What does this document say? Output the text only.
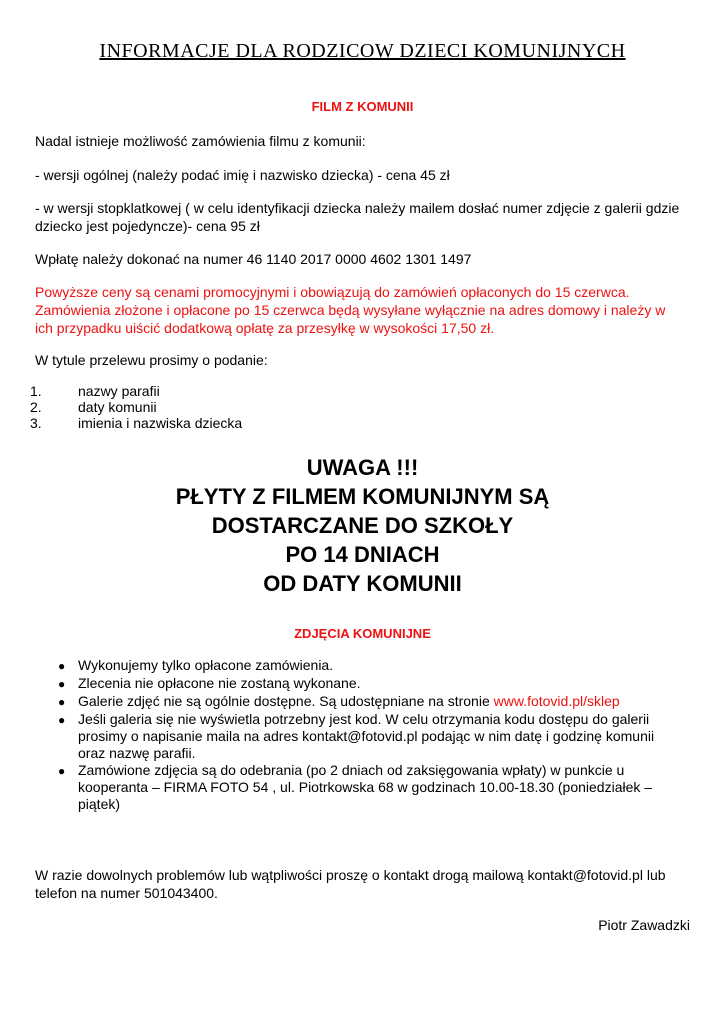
INFORMACJE DLA RODZICOW DZIECI KOMUNIJNYCH
FILM Z KOMUNII
Nadal istnieje możliwość zamówienia filmu z komunii:
- wersji ogólnej (należy podać imię i nazwisko dziecka) - cena 45 zł
- w wersji stopklatkowej ( w celu identyfikacji dziecka należy mailem dosłać numer zdjęcie z galerii gdzie dziecko jest pojedyncze)- cena 95 zł
Wpłatę należy dokonać na numer 46 1140 2017 0000 4602 1301 1497
Powyższe ceny są cenami promocyjnymi i obowiązują do zamówień opłaconych do 15 czerwca. Zamówienia złożone i opłacone po 15 czerwca będą wysyłane wyłącznie na adres domowy i należy w ich przypadku uiścić dodatkową opłatę za przesyłkę w wysokości 17,50 zł.
W tytule przelewu prosimy o podanie:
1.	nazwy parafii
2.	daty komunii
3.	imienia i nazwiska dziecka
UWAGA !!!
PŁYTY Z FILMEM KOMUNIJNYM SĄ
DOSTARCZANE DO SZKOŁY
PO 14 DNIACH
OD DATY KOMUNII
ZDJĘCIA KOMUNIJNE
● Wykonujemy tylko opłacone zamówienia.
● Zlecenia nie opłacone nie zostaną wykonane.
● Galerie zdjęć nie są ogólnie dostępne. Są udostępniane na stronie www.fotovid.pl/sklep
● Jeśli galeria się nie wyświetla potrzebny jest kod. W celu otrzymania kodu dostępu do galerii prosimy o napisanie maila na adres kontakt@fotovid.pl podając w nim datę i godzinę komunii oraz nazwę parafii.
● Zamówione zdjęcia są do odebrania (po 2 dniach od zaksięgowania wpłaty) w punkcie u kooperanta – FIRMA FOTO 54 , ul. Piotrkowska 68 w godzinach 10.00-18.30 (poniedziałek – piątek)
W razie dowolnych problemów lub wątpliwości proszę o kontakt drogą mailową kontakt@fotovid.pl lub telefon na numer 501043400.
Piotr Zawadzki
